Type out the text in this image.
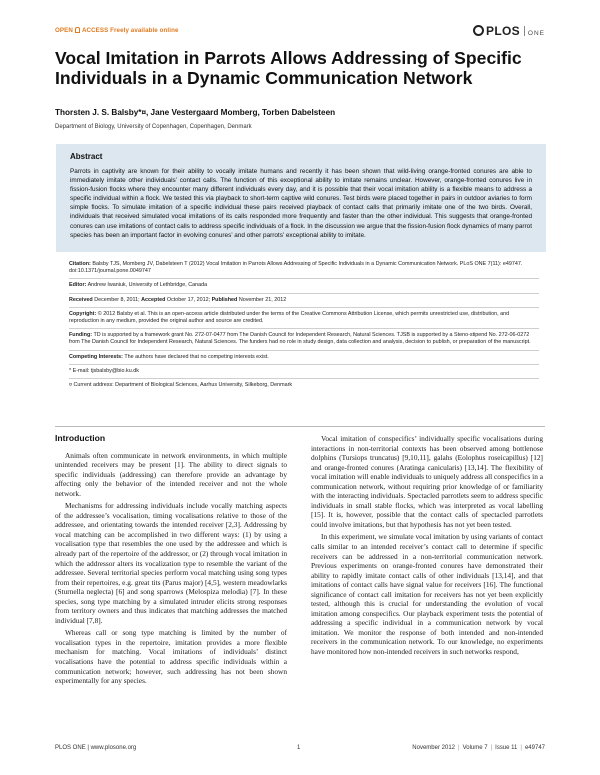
OPEN ACCESS Freely available online	PLOS ONE
Vocal Imitation in Parrots Allows Addressing of Specific Individuals in a Dynamic Communication Network
Thorsten J. S. Balsby*¤, Jane Vestergaard Momberg, Torben Dabelsteen
Department of Biology, University of Copenhagen, Copenhagen, Denmark
Abstract
Parrots in captivity are known for their ability to vocally imitate humans and recently it has been shown that wild-living orange-fronted conures are able to immediately imitate other individuals’ contact calls. The function of this exceptional ability to imitate remains unclear. However, orange-fronted conures live in fission-fusion flocks where they encounter many different individuals every day, and it is possible that their vocal imitation ability is a flexible means to address a specific individual within a flock. We tested this via playback to short-term captive wild conures. Test birds were placed together in pairs in outdoor aviaries to form simple flocks. To simulate imitation of a specific individual these pairs received playback of contact calls that primarily imitate one of the two birds. Overall, individuals that received simulated vocal imitations of its calls responded more frequently and faster than the other individual. This suggests that orange-fronted conures can use imitations of contact calls to address specific individuals of a flock. In the discussion we argue that the fission-fusion flock dynamics of many parrot species has been an important factor in evolving conures’ and other parrots’ exceptional ability to imitate.

Citation: Balsby TJS, Momberg JV, Dabelsteen T (2012) Vocal Imitation in Parrots Allows Addressing of Specific Individuals in a Dynamic Communication Network. PLoS ONE 7(11): e49747. doi:10.1371/journal.pone.0049747

Editor: Andrew Iwaniuk, University of Lethbridge, Canada

Received December 8, 2011; Accepted October 17, 2012; Published November 21, 2012

Copyright: © 2012 Balsby et al. This is an open-access article distributed under the terms of the Creative Commons Attribution License, which permits unrestricted use, distribution, and reproduction in any medium, provided the original author and source are credited.

Funding: TD is supported by a framework grant No. 272-07-0477 from The Danish Council for Independent Research, Natural Sciences. TJSB is supported by a Steno-stipend No. 272-06-0272 from The Danish Council for Independent Research, Natural Sciences. The funders had no role in study design, data collection and analysis, decision to publish, or preparation of the manuscript.

Competing Interests: The authors have declared that no competing interests exist.

* E-mail: tjsbalsby@bio.ku.dk

¤ Current address: Department of Biological Sciences, Aarhus University, Silkeborg, Denmark

Introduction

Animals often communicate in network environments, in which multiple unintended receivers may be present [1]. The ability to direct signals to specific individuals (addressing) can therefore provide an advantage by affecting only the behavior of the intended receiver and not the whole network.

Mechanisms for addressing individuals include vocally matching aspects of the addressee’s vocalisation, timing vocalisations relative to those of the addressee, and orientating towards the intended receiver [2,3]. Addressing by vocal matching can be accomplished in two different ways: (1) by using a vocalisation type that resembles the one used by the addressee and which is already part of the repertoire of the addressor, or (2) through vocal imitation in which the addressor alters its vocalization type to resemble the variant of the addressee. Several territorial species perform vocal matching using song types from their repertoires, e.g. great tits (Parus major) [4,5], western meadowlarks (Sturnella neglecta) [6] and song sparrows (Melospiza melodia) [7]. In these species, song type matching by a simulated intruder elicits strong responses from territory owners and thus indicates that matching addresses the matched individual [7,8].

Whereas call or song type matching is limited by the number of vocalisation types in the repertoire, imitation provides a more flexible mechanism for matching. Vocal imitations of individuals’ distinct vocalisations have the potential to address specific individuals within a communication network; however, such addressing has not been shown experimentally for any species.

Vocal imitation of conspecifics’ individually specific vocalisations during interactions in non-territorial contexts has been observed among bottlenose dolphins (Tursiops truncatus) [9,10,11], galahs (Eolophus roseicapillus) [12] and orange-fronted conures (Aratinga canicularis) [13,14]. The flexibility of vocal imitation will enable individuals to uniquely address all conspecifics in a communication network, without requiring prior knowledge of or familiarity with the interacting individuals. Spectacled parrotlets seem to address specific individuals in small stable flocks, which was interpreted as vocal labelling [15]. It is, however, possible that the contact calls of spectacled parrotlets could involve imitations, but that hypothesis has not yet been tested.

In this experiment, we simulate vocal imitation by using variants of contact calls similar to an intended receiver’s contact call to determine if specific receivers can be addressed in a non-territorial communication network. Previous experiments on orange-fronted conures have demonstrated their ability to rapidly imitate contact calls of other individuals [13,14], and that imitations of contact calls have signal value for receivers [16]. The functional significance of contact call imitation for receivers has not yet been explicitly tested, although this is crucial for understanding the evolution of vocal imitation among conspecifics. Our playback experiment tests the potential of addressing a specific individual in a communication network by vocal imitation. We monitor the response of both intended and non-intended receivers in the communication network. To our knowledge, no experiments have monitored how non-intended receivers in such networks respond,

PLOS ONE | www.plosone.org	1	November 2012 | Volume 7 | Issue 11 | e49747
